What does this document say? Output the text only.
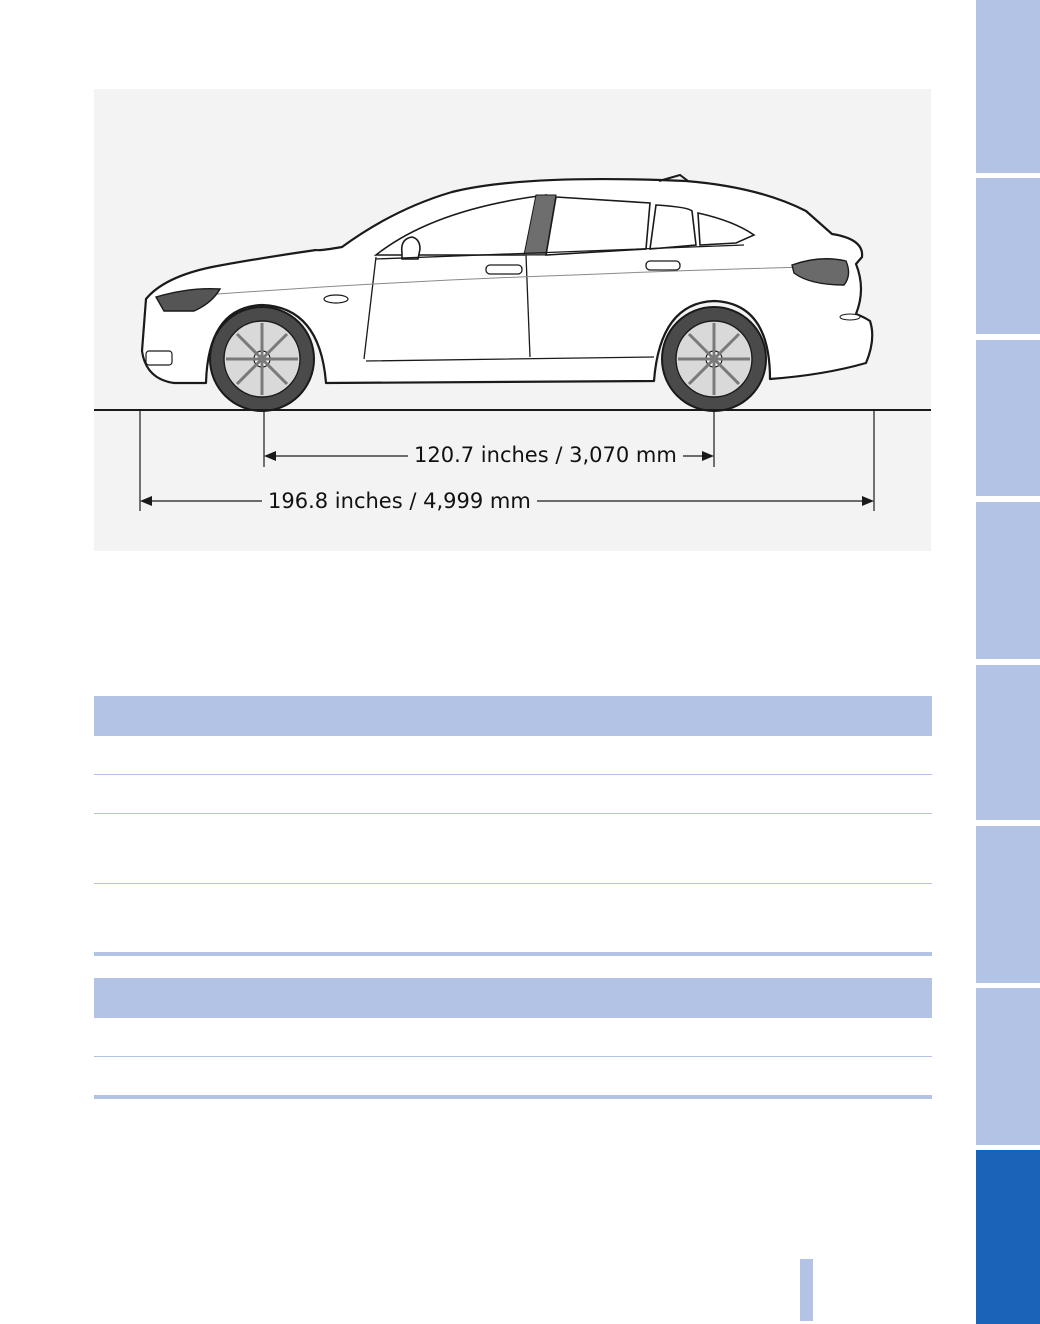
120.7 inches / 3,070 mm
196.8 inches / 4,999 mm
